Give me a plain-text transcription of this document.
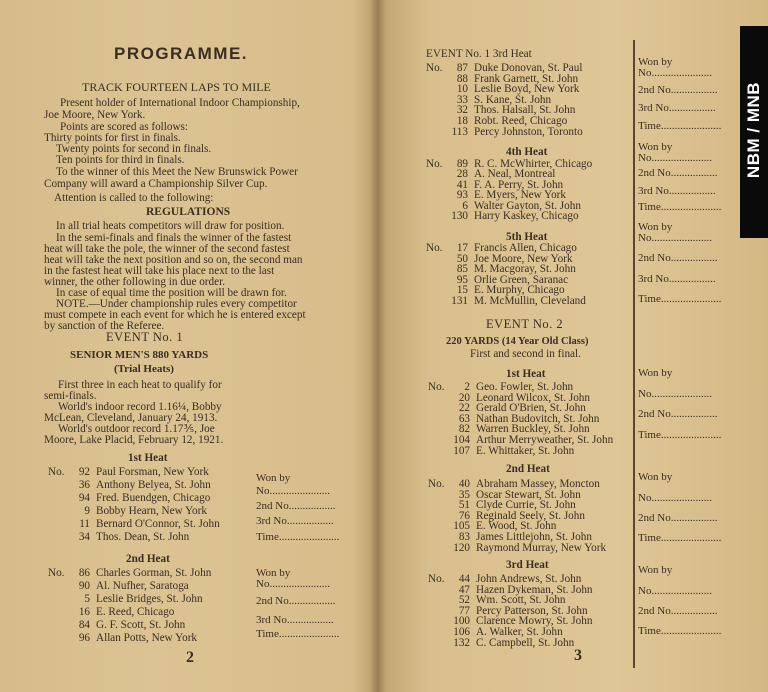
PROGRAMME.
TRACK FOURTEEN LAPS TO MILE
Present holder of International Indoor Championship,
Joe Moore, New York.
Points are scored as follows:
Thirty points for first in finals.
Twenty points for second in finals.
Ten points for third in finals.
To the winner of this Meet the New Brunswick Power
Company will award a Championship Silver Cup.
Attention is called to the following:
REGULATIONS
In all trial heats competitors will draw for position.
In the semi-finals and finals the winner of the fastest
heat will take the pole, the winner of the second fastest
heat will take the next position and so on, the second man
in the fastest heat will take his place next to the last
winner, the other following in due order.
In case of equal time the position will be drawn for.
NOTE.—Under championship rules every competitor
must compete in each event for which he is entered except
by sanction of the Referee.
EVENT No. 1
SENIOR MEN'S 880 YARDS
(Trial Heats)
First three in each heat to qualify for
semi-finals.
World's indoor record 1.16¼, Bobby
McLean, Cleveland, January 24, 1913.
World's outdoor record 1.17⅗, Joe
Moore, Lake Placid, February 12, 1921.
1st Heat
No. 92 Paul Forsman, New York
36 Anthony Belyea, St. John
94 Fred. Buendgen, Chicago
9 Bobby Hearn, New York
11 Bernard O'Connor, St. John
34 Thos. Dean, St. John
2nd Heat
No. 86 Charles Gorman, St. John
90 Al. Nufher, Saratoga
5 Leslie Bridges, St. John
16 E. Reed, Chicago
84 G. F. Scott, St. John
96 Allan Potts, New York
2
EVENT No. 1 3rd Heat
No. 87 Duke Donovan, St. Paul
88 Frank Garnett, St. John
10 Leslie Boyd, New York
33 S. Kane, St. John
32 Thos. Halsall, St. John
18 Robt. Reed, Chicago
113 Percy Johnston, Toronto
4th Heat
No. 89 R. C. McWhirter, Chicago
28 A. Neal, Montreal
41 F. A. Perry, St. John
93 E. Myers, New York
6 Walter Gayton, St. John
130 Harry Kaskey, Chicago
5th Heat
No. 17 Francis Allen, Chicago
50 Joe Moore, New York
85 M. Macgoray, St. John
95 Orlie Green, Saranac
15 E. Murphy, Chicago
131 M. McMullin, Cleveland
EVENT No. 2
220 YARDS (14 Year Old Class)
First and second in final.
1st Heat
No. 2 Geo. Fowler, St. John
20 Leonard Wilcox, St. John
22 Gerald O'Brien, St. John
63 Nathan Budovitch, St. John
82 Warren Buckley, St. John
104 Arthur Merryweather, St. John
107 E. Whittaker, St. John
2nd Heat
No. 40 Abraham Massey, Moncton
35 Oscar Stewart, St. John
51 Clyde Currie, St. John
76 Reginald Seely, St. John
105 E. Wood, St. John
83 James Littlejohn, St. John
120 Raymond Murray, New York
3rd Heat
No. 44 John Andrews, St. John
47 Hazen Dykeman, St. John
52 Wm. Scott, St. John
77 Percy Patterson, St. John
100 Clarence Mowry, St. John
106 A. Walker, St. John
132 C. Campbell, St. John
3
Won by
No......................
2nd No.................
3rd No.................
Time......................
Won by
No......................
2nd No.................
3rd No.................
Time......................
Won by
No......................
2nd No.................
3rd No.................
Time......................
Won by
No......................
2nd No.................
3rd No.................
Time......................
Won by
No......................
2nd No.................
3rd No.................
Time......................
Won by
No......................
2nd No.................
Time......................
Won by
No......................
2nd No.................
Time......................
Won by
No......................
2nd No.................
Time......................
NBM / MNB
